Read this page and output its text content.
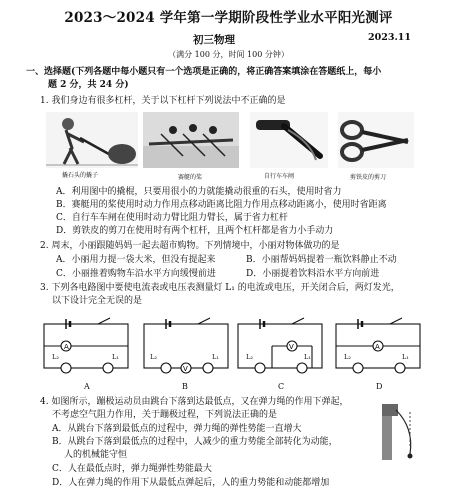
2023～2024 学年第一学期阶段性学业水平阳光测评
初三物理	2023.11
（满分 100 分，时间 100 分钟）
一、选择题(下列各题中每小题只有一个选项是正确的，将正确答案填涂在答题纸上，每小
题 2 分，共 24 分)
1. 我们身边有很多杠杆，关于以下杠杆下列说法中不正确的是
撬石头的撬子	赛艇的桨	自行车车闸	剪铁皮的剪刀
A．利用图中的撬棍，只要用很小的力就能撬动很重的石头，使用时省力
B．赛艇用的桨使用时动力作用点移动距离比阻力作用点移动距离小，使用时省距离
C．自行车车闸在使用时动力臂比阻力臂长，属于省力杠杆
D．剪铁皮的剪刀在使用时有两个杠杆，且两个杠杆都是省力小手动力
2. 周末，小丽跟随妈妈一起去超市购物。下列情境中，小丽对物体做功的是
A．小丽用力提一袋大米，但没有提起来	B．小丽帮妈妈提着一瓶饮料静止不动
C．小丽推着购物车沿水平方向缓慢前进	D．小丽提着饮料沿水平方向前进
3. 下列各电路图中要使电流表或电压表测量灯 L₁ 的电流或电压，开关闭合后，两灯发光，
以下设计完全无误的是
A
L₂	L₁
A
V
L₂	L₁
B
V
L₂	L₁
C
A
L₂	L₁
D
4. 如图所示，蹦极运动员由跳台下落到达最低点，又在弹力绳的作用下弹起，
不考虑空气阻力作用，关于蹦极过程，下列说法正确的是
A．从跳台下落到最低点的过程中，弹力绳的弹性势能一直增大
B．从跳台下落到最低点的过程中，人减少的重力势能全部转化为动能，
人的机械能守恒
C．人在最低点时，弹力绳弹性势能最大
D．人在弹力绳的作用下从最低点弹起后，人的重力势能和动能都增加
